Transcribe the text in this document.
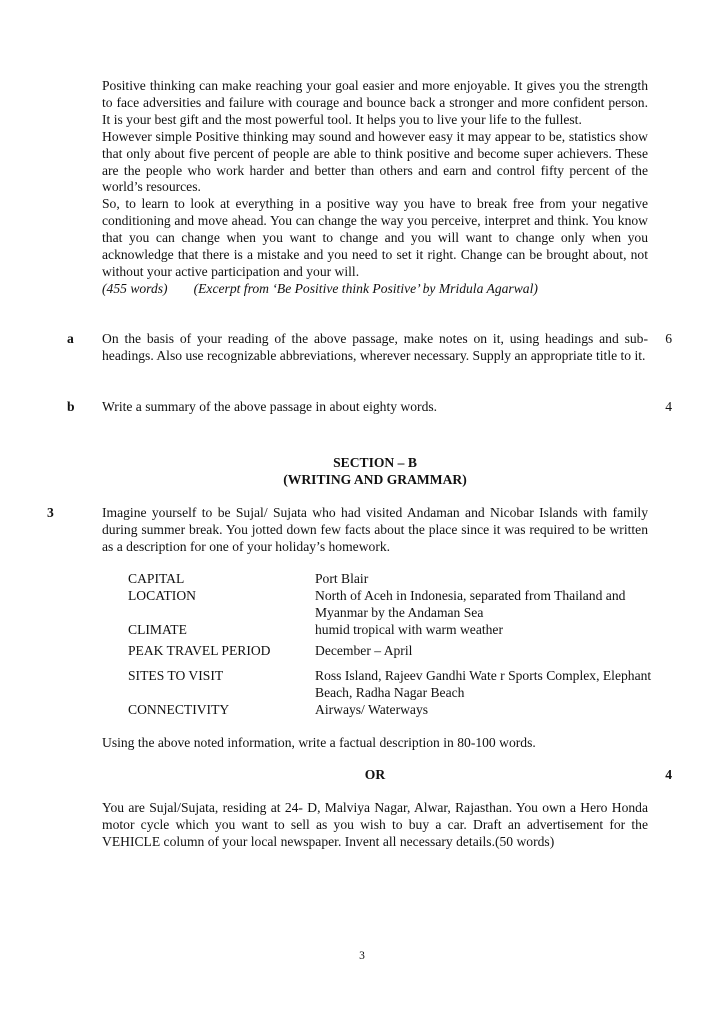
Positive thinking can make reaching your goal easier and more enjoyable. It gives you the strength to face adversities and failure with courage and bounce back a stronger and more confident person. It is your best gift and the most powerful tool. It helps you to live your life to the fullest.

However simple Positive thinking may sound and however easy it may appear to be, statistics show that only about five percent of people are able to think positive and become super achievers. These are the people who work harder and better than others and earn and control fifty percent of the world’s resources.

So, to learn to look at everything in a positive way you have to break free from your negative conditioning and move ahead. You can change the way you perceive, interpret and think. You know that you can change when you want to change and you will want to change only when you acknowledge that there is a mistake and you need to set it right. Change can be brought about, not without your active participation and your will.

(455 words) (Excerpt from ‘Be Positive think Positive’ by Mridula Agarwal)

a On the basis of your reading of the above passage, make notes on it, using headings and sub-headings. Also use recognizable abbreviations, wherever necessary. Supply an appropriate title to it.
6
b Write a summary of the above passage in about eighty words.	4
SECTION – B
(WRITING AND GRAMMAR)
3	Imagine yourself to be Sujal/ Sujata who had visited Andaman and Nicobar Islands with family during summer break. You jotted down few facts about the place since it was required to be written as a description for one of your holiday’s homework.
CAPITAL	Port Blair
LOCATION	North of Aceh in Indonesia, separated from Thailand and Myanmar by the Andaman Sea
CLIMATE	humid tropical with warm weather
PEAK TRAVEL PERIOD	December – April
SITES TO VISIT	Ross Island, Rajeev Gandhi Wate r Sports Complex, Elephant Beach, Radha Nagar Beach
CONNECTIVITY	Airways/ Waterways
Using the above noted information, write a factual description in 80-100 words.
OR	4
You are Sujal/Sujata, residing at 24- D, Malviya Nagar, Alwar, Rajasthan. You own a Hero Honda motor cycle which you want to sell as you wish to buy a car. Draft an advertisement for the VEHICLE column of your local newspaper. Invent all necessary details.(50 words)
3
